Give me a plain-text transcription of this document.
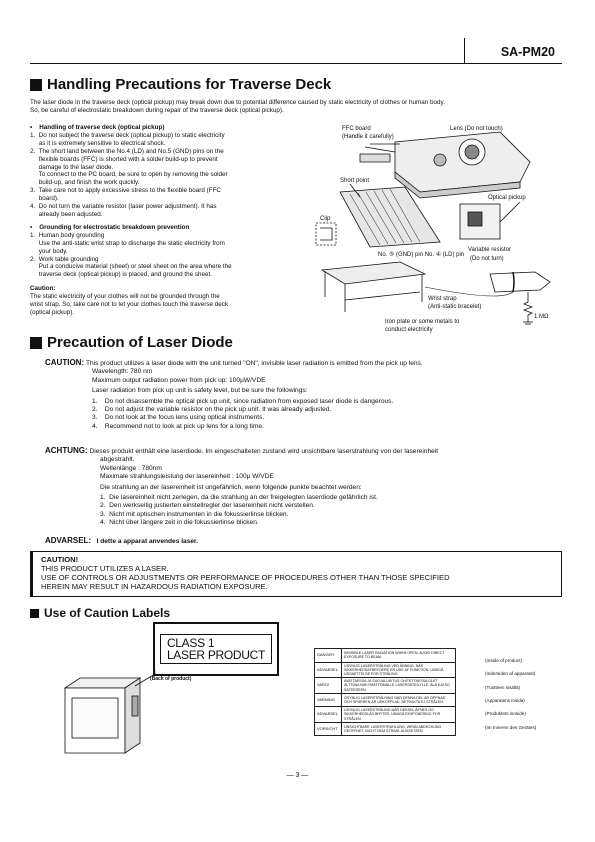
SA-PM20
Handling Precautions for Traverse Deck
The laser diode in the traverse deck (optical pickup) may break down due to potential difference caused by static electricity of clothes or human body.
So, be careful of electrostatic breakdown during repair of the traverse deck (optical pickup).
•    Handling of traverse deck (optical pickup)
1.  Do not subject the traverse deck (optical pickup) to static electricity
as it is extremely sensitive to electrical shock.
2.  The short land between the No.4 (LD) and No.5 (GND) pins on the
flexible boards (FFC) is shorted with a solder build-up to prevent
damage to the laser diode.
To connect to the PC board, be sure to open by removing the solder
build-up, and finish the work quickly.
3.  Take care not to apply excessive stress to the flexible board (FFC
board).
4.  Do not turn the variable resistor (laser power adjustment). It has
already been adjusted.
•    Grounding for electrostatic breakdown prevention
1.  Human body grounding
Use the anti-static wrist strap to discharge the static electricity from
your body.
2.  Work table grounding
Put a conducive material (sheet) or steel sheet on the area where the
traverse deck (optical pickup) is placed, and ground the sheet.
Caution:
The static electricity of your clothes will not be grounded through the
wrist strap. So, take care not to let your clothes touch the traverse deck
(optical pickup).
FFC board
(Handle it carefully)
Lens (Do not touch)
Short point
Optical pickup
Clip
No. ⑤ (GND) pin No. ④ (LD) pin
Variable resistor
(Do not turn)
Wrist strap
(Anti-static bracelet)
Iron plate or some metals to
conduct electricity
1 MΩ
Precaution of Laser Diode
CAUTION: This product utilizes a laser diode with the unit turned "ON", invisible laser radiation is emitted from the pick up lens.
Wavelength: 780 nm
Maximum output radiation power from pick up: 100µW/VDE
Laser radiation from pick up unit is safety level, but be sure the followings:
1.    Do not disassemble the optical pick up unit, since radiation from exposed laser diode is dangerous.
2.    Do not adjust the variable resistor on the pick up unit. It was already adjusted.
3.    Do not look at the focus lens using optical instruments.
4.    Recommend not to look at pick up lens for a long time.
ACHTUNG: Dieses produkt enthält eine laserdiode. Im eingeschalteten zustand wird unsichtbare laserstrahlung von der lasereinheit
abgestrahlt.
Wellenlänge : 780nm
Maximale strahlungsleistung der lasereinheit : 100µ W/VDE
Die strahlung an der lasereinheit ist ungefährlich, wenn folgende punkte beachtet werden:
1.  Die lasereinheit nicht zerlegen, da die strahlung an der freigelegten laserdiode gefährlich ist.
2.  Den werkseitig justierten einstellregler der lasereinheit nicht verstellen.
3.  Nicht mit optischen instrumenten in die fokussierlinse blicken.
4.  Nicht über längere zeit in die fokussierlinse blicken.
ADVARSEL: I dette a apparat anvendes laser.
CAUTION!
THIS PRODUCT UTILIZES A LASER.
USE OF CONTROLS OR ADJUSTMENTS OR PERFORMANCE OF PROCEDURES OTHER THAN THOSE SPECIFIED
HEREIN MAY RESULT IN HAZARDOUS RADIATION EXPOSURE.
Use of Caution Labels
CLASS 1
LASER PRODUCT
(Back of product)
DANGER	INVISIBLE LASER RADIATION WHEN OPEN. AVOID DIRECT EXPOSURE TO BEAM.
ADVARSEL	USYNLIG LASERSTRÅLING VED ÅBNING, NÅR SIKKERHEDSAFBRYDERE ER UDE AF FUNKTION. UNDGÅ UDSAETTELSE FOR STRÅLING.
VARO!	AVATTAESSA JA SUOJALUKITUS OHITETTAESSA OLET ALTTIINA NÄKYMÄTTÖMÄLLE LASERSÄTEILYLLE. ÄLÄ KATSO SÄTEESEEN.
VARNING	OSYNLIG LASERSTRÅLNING NÄR DENNA DEL ÄR ÖPPNAD OCH SPÄRREN ÄR URKOPPLAD. BETRAKTA EJ STRÅLEN.
ADVARSEL	USYNLIG LASERSTRÅLING NÅR DEKSEL ÅPNES OG SIKKERHEDSLÅS BRYTES. UNNGÅ EKSPONERING FOR STRÅLEN.
VORSICHT	UNSICHTBARE LASERSTRAHLUNG, WENN ABDECKUNG GEÖFFNET. NICHT DEM STRAHL AUSSETZEN.
(Inside of product)
(Indersiden af apparatet)
(Tuotteen sisällä)
(Apparatens insida)
(Produktets innside)
(Im Inneren des Gerätes)
— 3 —
